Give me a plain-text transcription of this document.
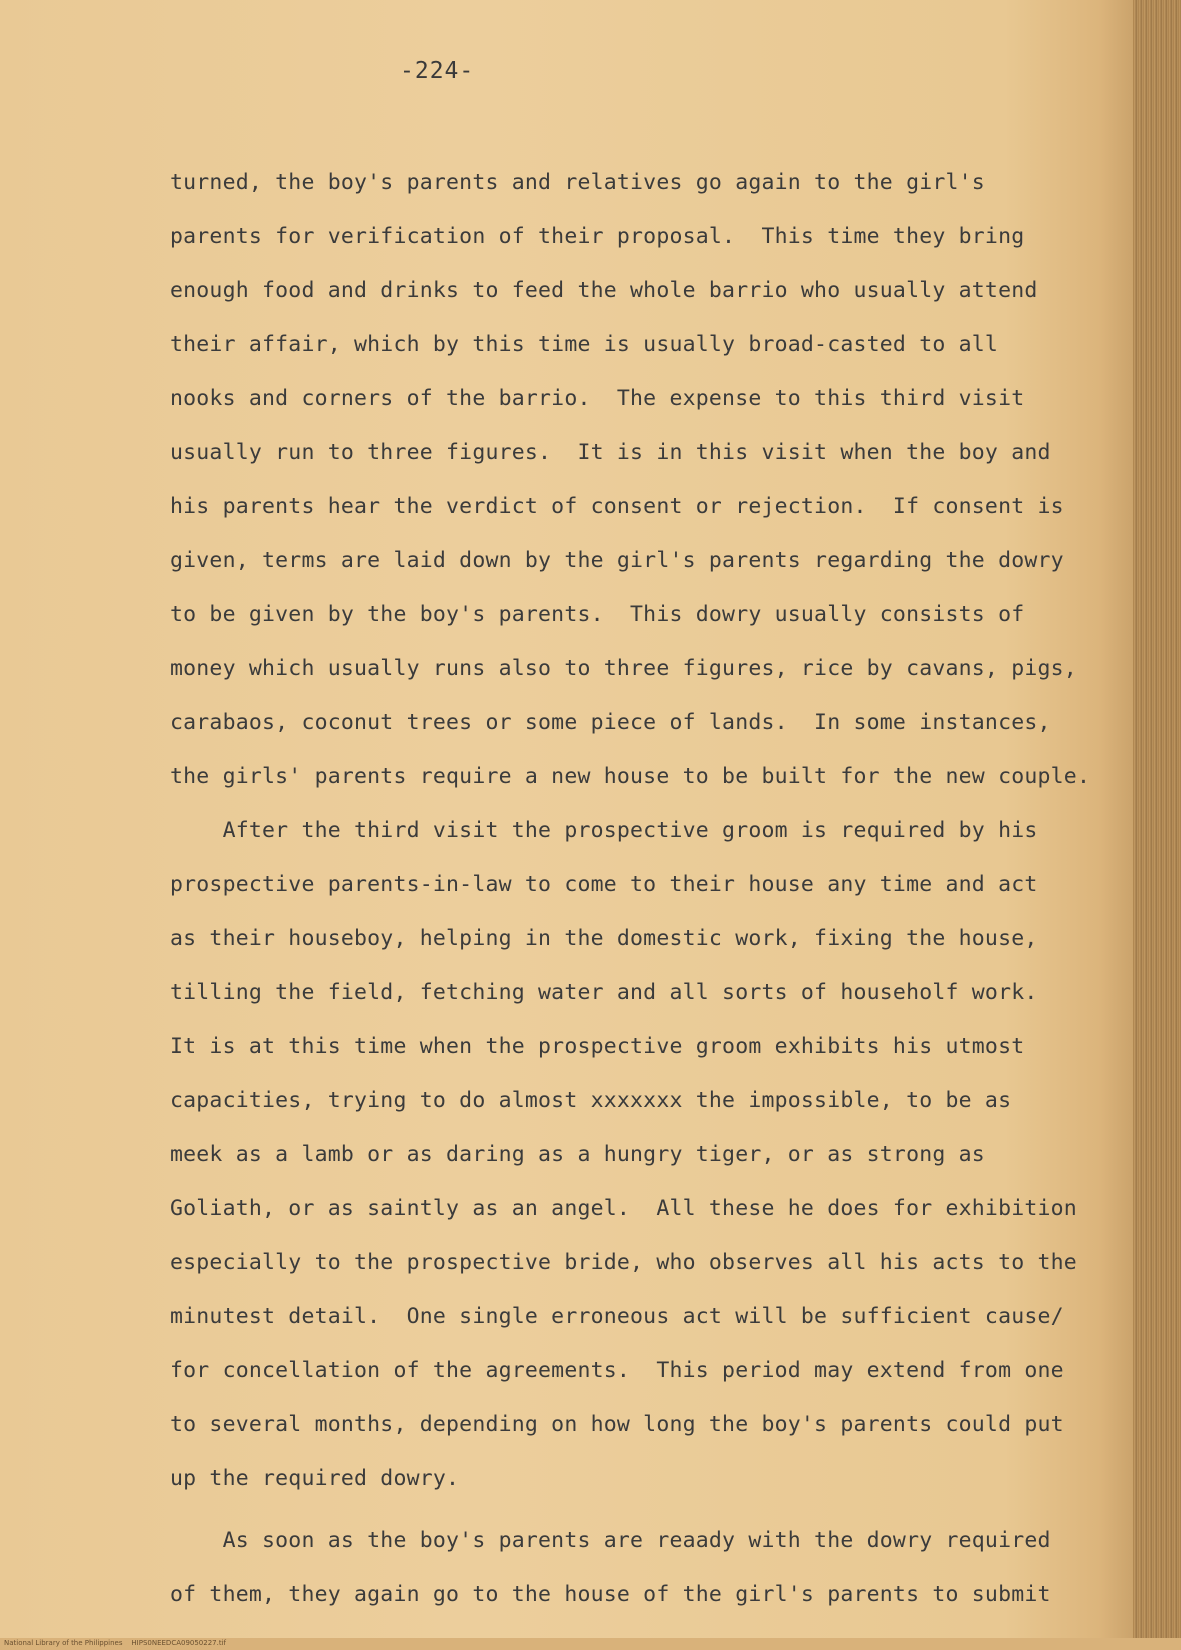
-224-
turned, the boy's parents and relatives go again to the girl's
parents for verification of their proposal.  This time they bring
enough food and drinks to feed the whole barrio who usually attend
their affair, which by this time is usually broad-casted to all
nooks and corners of the barrio.  The expense to this third visit
usually run to three figures.  It is in this visit when the boy and
his parents hear the verdict of consent or rejection.  If consent is
given, terms are laid down by the girl's parents regarding the dowry
to be given by the boy's parents.  This dowry usually consists of
money which usually runs also to three figures, rice by cavans, pigs,
carabaos, coconut trees or some piece of lands.  In some instances,
the girls' parents require a new house to be built for the new couple.
After the third visit the prospective groom is required by his
prospective parents-in-law to come to their house any time and act
as their houseboy, helping in the domestic work, fixing the house,
tilling the field, fetching water and all sorts of householf work.
It is at this time when the prospective groom exhibits his utmost
capacities, trying to do almost xxxxxxx the impossible, to be as
meek as a lamb or as daring as a hungry tiger, or as strong as
Goliath, or as saintly as an angel.  All these he does for exhibition
especially to the prospective bride, who observes all his acts to the
minutest detail.  One single erroneous act will be sufficient cause/
for concellation of the agreements.  This period may extend from one
to several months, depending on how long the boy's parents could put
up the required dowry.
As soon as the boy's parents are reaady with the dowry required
of them, they again go to the house of the girl's parents to submit
National Library of the Philippines    HIPS0NEEDCA09050227.tif
